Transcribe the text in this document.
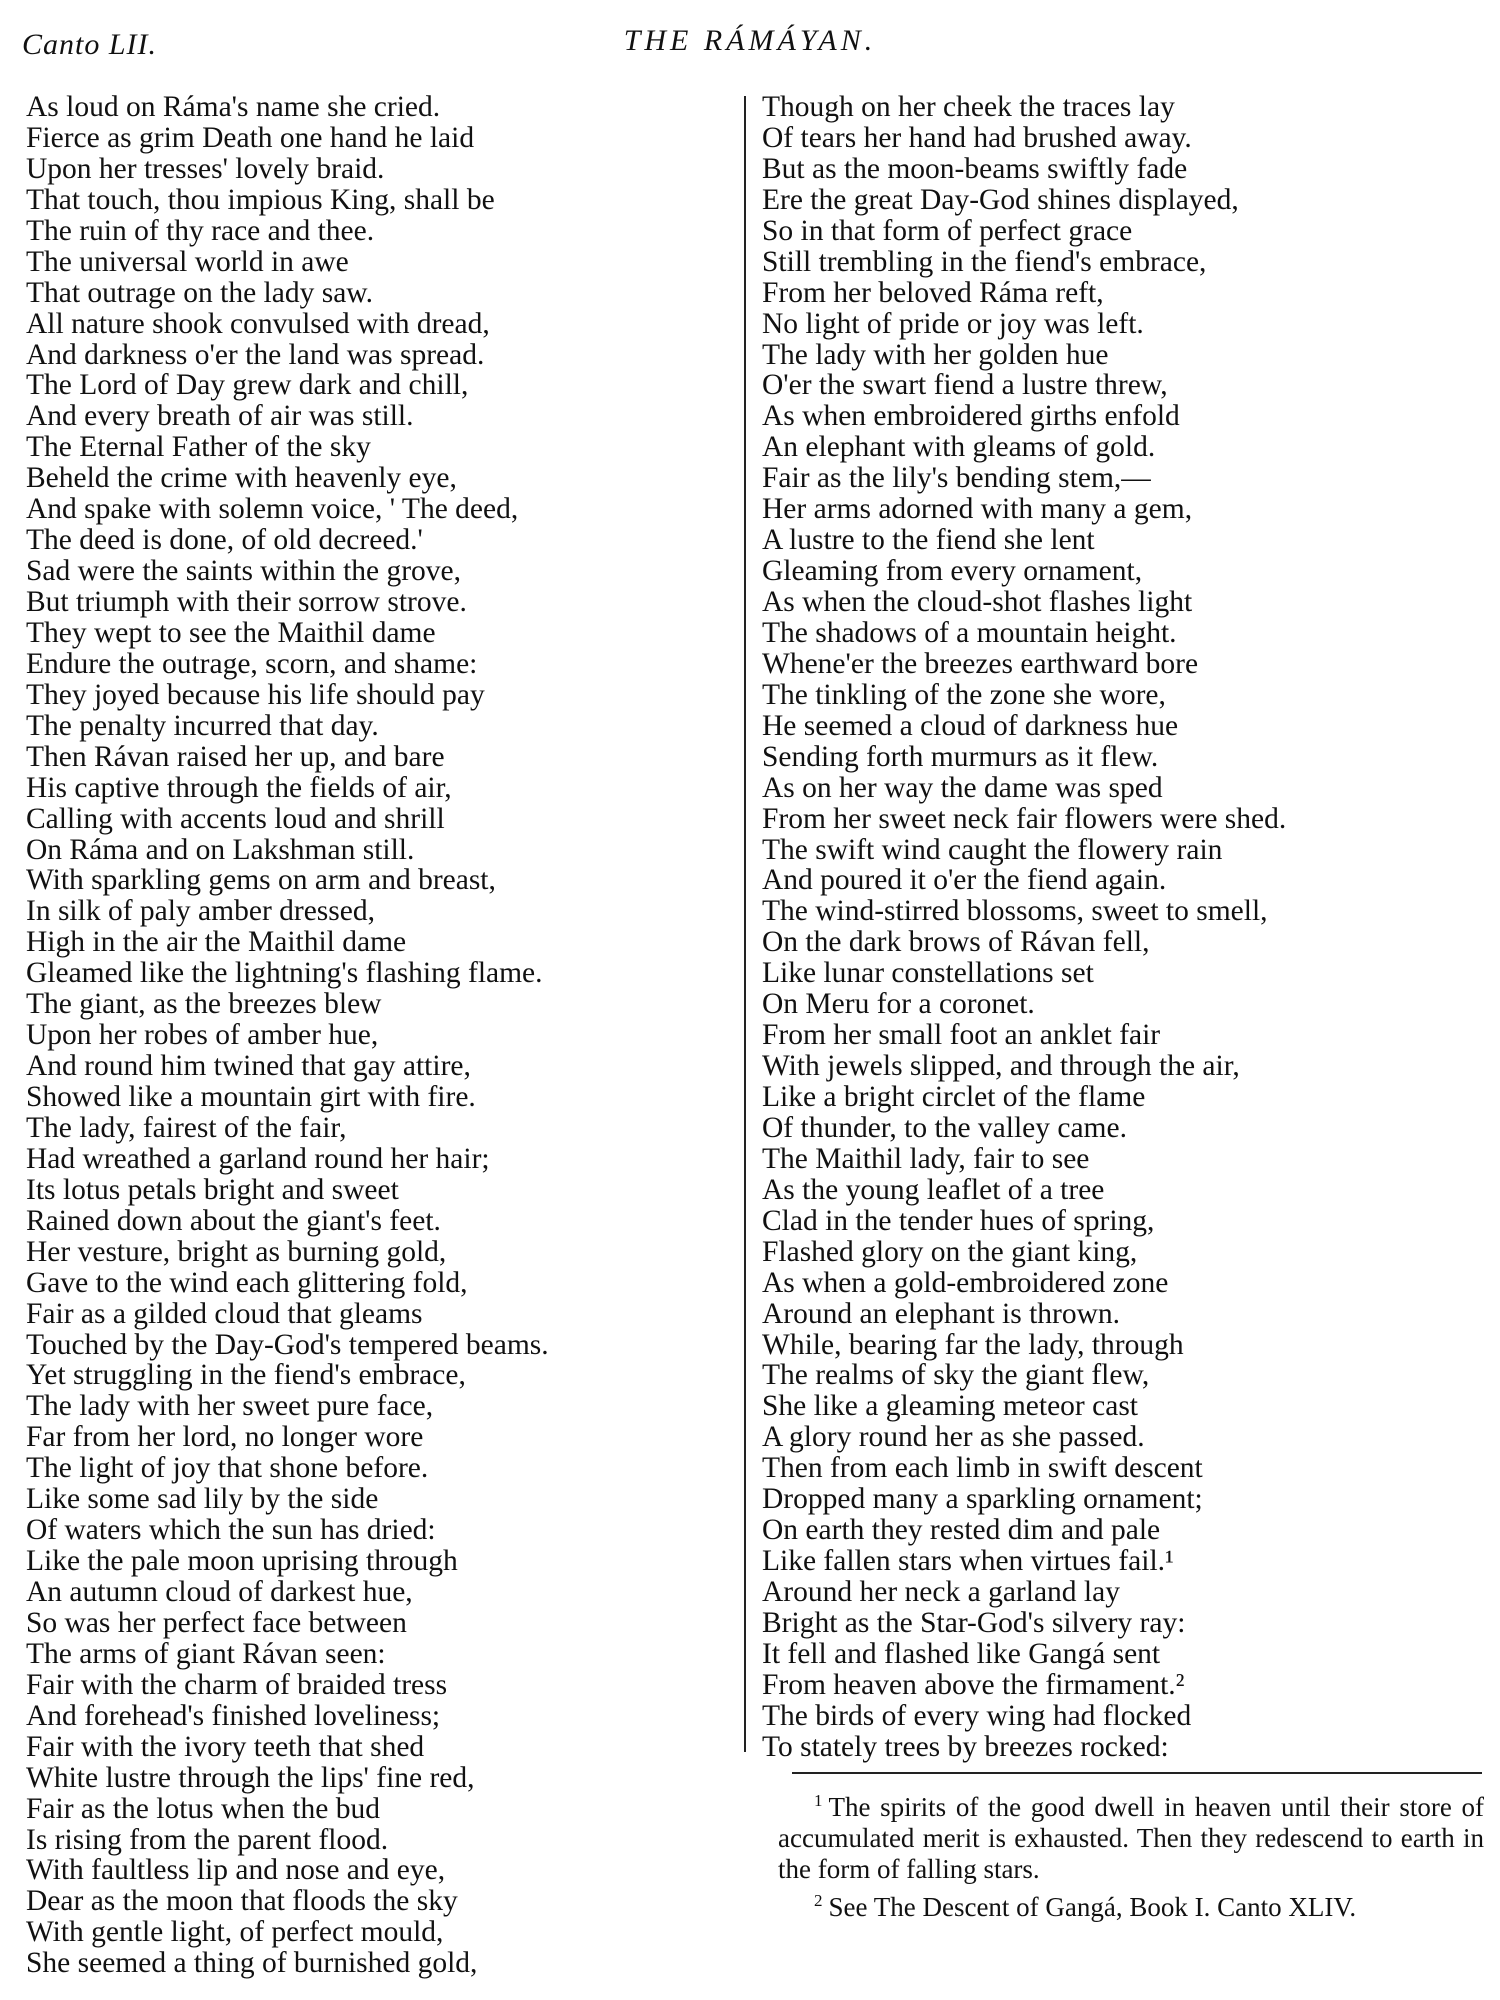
Canto LII.	THE RÁMÁYAN.
As loud on Ráma's name she cried.
Fierce as grim Death one hand he laid
Upon her tresses' lovely braid.
That touch, thou impious King, shall be
The ruin of thy race and thee.
The universal world in awe
That outrage on the lady saw.
All nature shook convulsed with dread,
And darkness o'er the land was spread.
The Lord of Day grew dark and chill,
And every breath of air was still.
The Eternal Father of the sky
Beheld the crime with heavenly eye,
And spake with solemn voice, ' The deed,
The deed is done, of old decreed.'
Sad were the saints within the grove,
But triumph with their sorrow strove.
They wept to see the Maithil dame
Endure the outrage, scorn, and shame:
They joyed because his life should pay
The penalty incurred that day.
Then Rávan raised her up, and bare
His captive through the fields of air,
Calling with accents loud and shrill
On Ráma and on Lakshman still.
With sparkling gems on arm and breast,
In silk of paly amber dressed,
High in the air the Maithil dame
Gleamed like the lightning's flashing flame.
The giant, as the breezes blew
Upon her robes of amber hue,
And round him twined that gay attire,
Showed like a mountain girt with fire.
The lady, fairest of the fair,
Had wreathed a garland round her hair;
Its lotus petals bright and sweet
Rained down about the giant's feet.
Her vesture, bright as burning gold,
Gave to the wind each glittering fold,
Fair as a gilded cloud that gleams
Touched by the Day-God's tempered beams.
Yet struggling in the fiend's embrace,
The lady with her sweet pure face,
Far from her lord, no longer wore
The light of joy that shone before.
Like some sad lily by the side
Of waters which the sun has dried:
Like the pale moon uprising through
An autumn cloud of darkest hue,
So was her perfect face between
The arms of giant Rávan seen:
Fair with the charm of braided tress
And forehead's finished loveliness;
Fair with the ivory teeth that shed
White lustre through the lips' fine red,
Fair as the lotus when the bud
Is rising from the parent flood.
With faultless lip and nose and eye,
Dear as the moon that floods the sky
With gentle light, of perfect mould,
She seemed a thing of burnished gold,
Though on her cheek the traces lay
Of tears her hand had brushed away.
But as the moon-beams swiftly fade
Ere the great Day-God shines displayed,
So in that form of perfect grace
Still trembling in the fiend's embrace,
From her beloved Ráma reft,
No light of pride or joy was left.
The lady with her golden hue
O'er the swart fiend a lustre threw,
As when embroidered girths enfold
An elephant with gleams of gold.
Fair as the lily's bending stem,—
Her arms adorned with many a gem,
A lustre to the fiend she lent
Gleaming from every ornament,
As when the cloud-shot flashes light
The shadows of a mountain height.
Whene'er the breezes earthward bore
The tinkling of the zone she wore,
He seemed a cloud of darkness hue
Sending forth murmurs as it flew.
As on her way the dame was sped
From her sweet neck fair flowers were shed.
The swift wind caught the flowery rain
And poured it o'er the fiend again.
The wind-stirred blossoms, sweet to smell,
On the dark brows of Rávan fell,
Like lunar constellations set
On Meru for a coronet.
From her small foot an anklet fair
With jewels slipped, and through the air,
Like a bright circlet of the flame
Of thunder, to the valley came.
The Maithil lady, fair to see
As the young leaflet of a tree
Clad in the tender hues of spring,
Flashed glory on the giant king,
As when a gold-embroidered zone
Around an elephant is thrown.
While, bearing far the lady, through
The realms of sky the giant flew,
She like a gleaming meteor cast
A glory round her as she passed.
Then from each limb in swift descent
Dropped many a sparkling ornament;
On earth they rested dim and pale
Like fallen stars when virtues fail.¹
Around her neck a garland lay
Bright as the Star-God's silvery ray:
It fell and flashed like Gangá sent
From heaven above the firmament.²
The birds of every wing had flocked
To stately trees by breezes rocked:

$^1$ The spirits of the good dwell in heaven until their store of accumulated merit is exhausted. Then they redescend to earth in the form of falling stars.

$^2$ See The Descent of Gangá, Book I. Canto XLIV.
